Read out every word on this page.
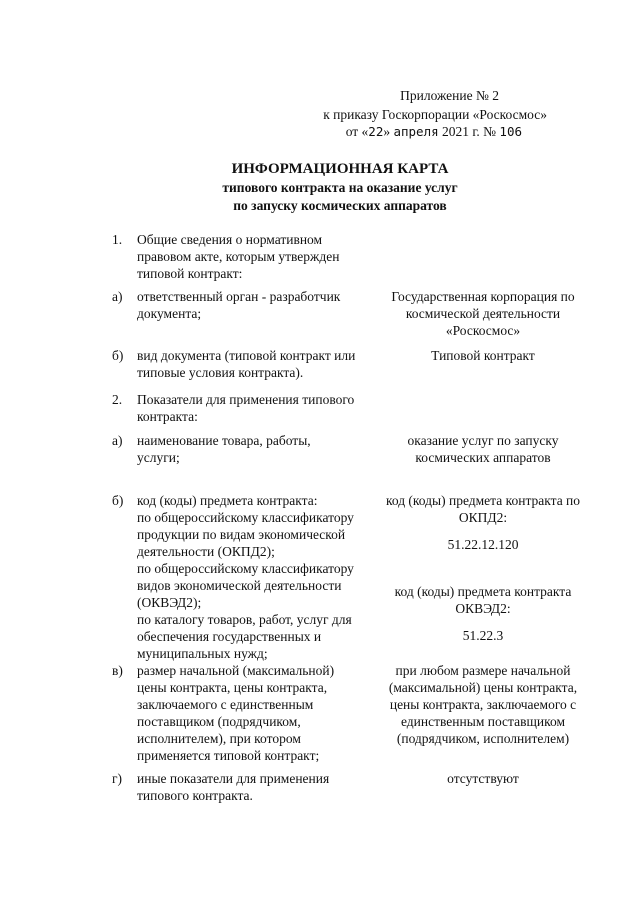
Приложение № 2
к приказу Госкорпорации «Роскосмос»
от «22» апреля 2021 г. № 106
ИНФОРМАЦИОННАЯ КАРТА
типового контракта на оказание услуг
по запуску космических аппаратов
1. Общие сведения о нормативном
правовом акте, которым утвержден
типовой контракт:
а) ответственный орган - разработчик
документа;
Государственная корпорация по
космической деятельности
«Роскосмос»
б) вид документа (типовой контракт или
типовые условия контракта).
Типовой контракт
2. Показатели для применения типового
контракта:
а) наименование товара, работы,
услуги;
оказание услуг по запуску
космических аппаратов
б) код (коды) предмета контракта:
по общероссийскому классификатору
продукции по видам экономической
деятельности (ОКПД2);
по общероссийскому классификатору
видов экономической деятельности
(ОКВЭД2);
по каталогу товаров, работ, услуг для
обеспечения государственных и
муниципальных нужд;
код (коды) предмета контракта по
ОКПД2:
51.22.12.120
код (коды) предмета контракта
ОКВЭД2:
51.22.3
в) размер начальной (максимальной)
цены контракта, цены контракта,
заключаемого с единственным
поставщиком (подрядчиком,
исполнителем), при котором
применяется типовой контракт;
при любом размере начальной
(максимальной) цены контракта,
цены контракта, заключаемого с
единственным поставщиком
(подрядчиком, исполнителем)
г) иные показатели для применения
типового контракта.
отсутствуют
